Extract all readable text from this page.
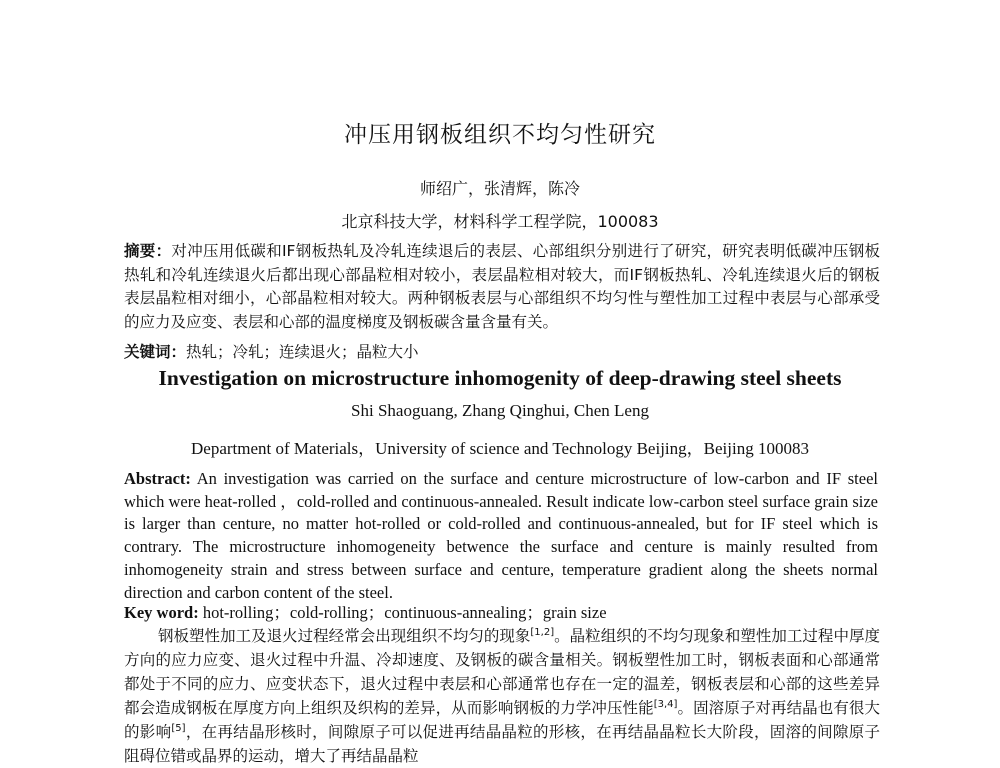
冲压用钢板组织不均匀性研究
师绍广，张清辉，陈冷
北京科技大学，材料科学工程学院，100083
摘要：对冲压用低碳和IF钢板热轧及冷轧连续退后的表层、心部组织分别进行了研究，研究表明低碳冲压钢板热轧和冷轧连续退火后都出现心部晶粒相对较小，表层晶粒相对较大，而IF钢板热轧、冷轧连续退火后的钢板表层晶粒相对细小，心部晶粒相对较大。两种钢板表层与心部组织不均匀性与塑性加工过程中表层与心部承受的应力及应变、表层和心部的温度梯度及钢板碳含量含量有关。
关键词：热轧；冷轧；连续退火；晶粒大小
Investigation on microstructure inhomogenity of deep-drawing steel sheets
Shi Shaoguang, Zhang Qinghui, Chen Leng
Department of Materials，University of science and Technology Beijing，Beijing 100083
Abstract: An investigation was carried on the surface and centure microstructure of low-carbon and IF steel which were heat-rolled ，cold-rolled and continuous-annealed. Result indicate low-carbon steel surface grain size is larger than centure, no matter hot-rolled or cold-rolled and continuous-annealed, but for IF steel which is contrary. The microstructure inhomogeneity betwence the surface and centure is mainly resulted from inhomogeneity strain and stress between surface and centure, temperature gradient along the sheets normal direction and carbon content of the steel.
Key word: hot-rolling；cold-rolling；continuous-annealing；grain size
钢板塑性加工及退火过程经常会出现组织不均匀的现象[1,2]。晶粒组织的不均匀现象和塑性加工过程中厚度方向的应力应变、退火过程中升温、冷却速度、及钢板的碳含量相关。钢板塑性加工时，钢板表面和心部通常都处于不同的应力、应变状态下，退火过程中表层和心部通常也存在一定的温差，钢板表层和心部的这些差异都会造成钢板在厚度方向上组织及织构的差异，从而影响钢板的力学冲压性能[3,4]。固溶原子对再结晶也有很大的影响[5]，在再结晶形核时，间隙原子可以促进再结晶晶粒的形核，在再结晶晶粒长大阶段，固溶的间隙原子阻碍位错或晶界的运动，增大了再结晶晶粒
